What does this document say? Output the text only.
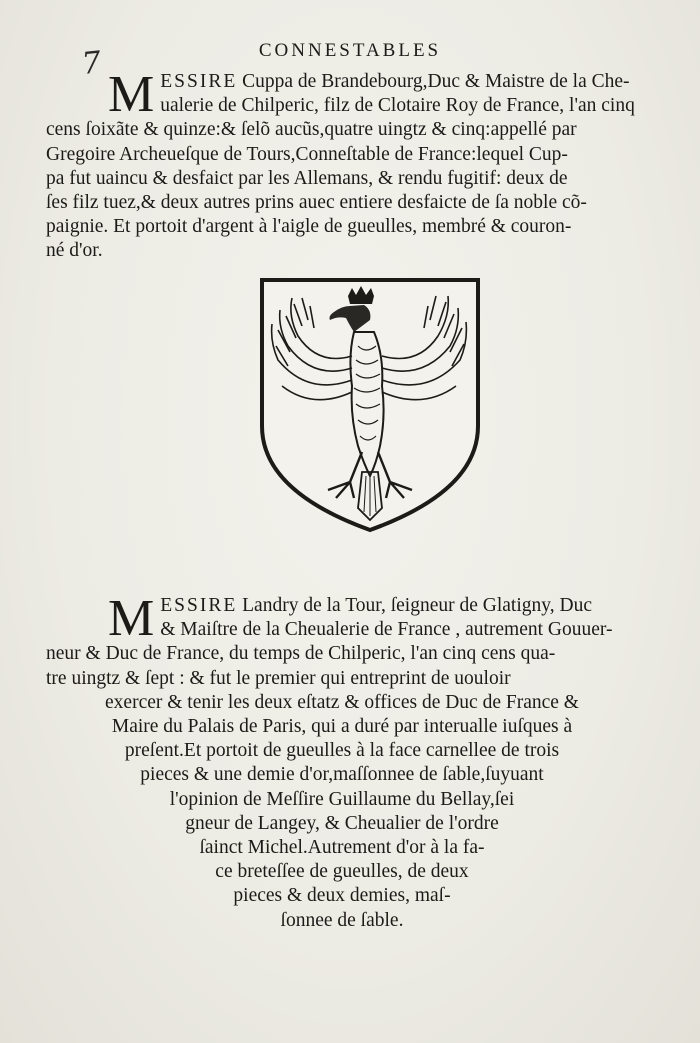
7	CONNESTABLES
M ESSIRE Cuppa de Brandebourg,Duc & Maistre de la Che-
ualerie de Chilperic, filz de Clotaire Roy de France, l'an cinq
cens ſoixãte & quinze:& ſelõ aucũs,quatre uingtz & cinq:appellé par
Gregoire Archeueſque de Tours,Conneſtable de France:lequel Cup-
pa fut uaincu & desfaict par les Allemans, & rendu fugitif: deux de
ſes filz tuez,& deux autres prins auec entiere desfaicte de ſa noble cõ-
paignie. Et portoit d'argent à l'aigle de gueulles, membré & couron-
né d'or.
M ESSIRE Landry de la Tour, ſeigneur de Glatigny, Duc
& Maiſtre de la Cheualerie de France , autrement Gouuer-
neur & Duc de France, du temps de Chilperic, l'an cinq cens qua-
tre uingtz & ſept : & fut le premier qui entreprint de uouloir
exercer & tenir les deux eſtatz & offices de Duc de France &
Maire du Palais de Paris, qui a duré par interualle iuſques à
preſent.Et portoit de gueulles à la face carnellee de trois
pieces & une demie d'or,maſſonnee de ſable,ſuyuant
l'opinion de Meſſire Guillaume du Bellay,ſei
gneur de Langey, & Cheualier de l'ordre
ſainct Michel.Autrement d'or à la fa-
ce breteſſee de gueulles, de deux
pieces & deux demies, maſ-
ſonnee de ſable.
